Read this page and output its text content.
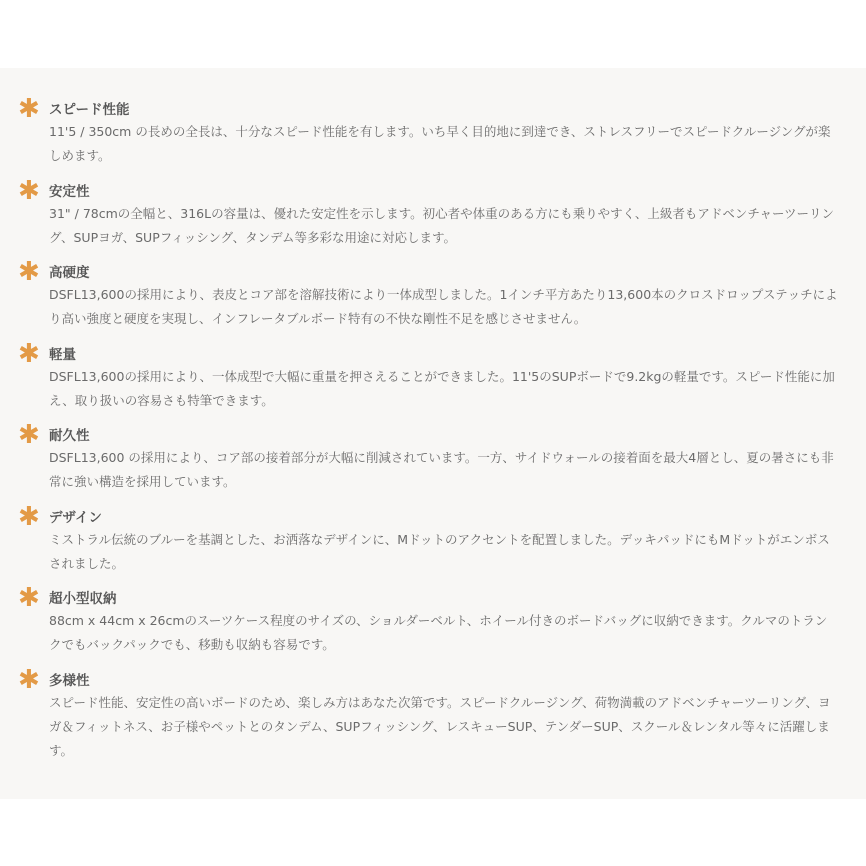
✱ スピード性能
11'5 / 350cm の長めの全長は、十分なスピード性能を有します。いち早く目的地に到達でき、ストレスフリーでスピードクルージングが楽しめます。
✱ 安定性
31" / 78cmの全幅と、316Lの容量は、優れた安定性を示します。初心者や体重のある方にも乗りやすく、上級者もアドベンチャーツーリング、SUPヨガ、SUPフィッシング、タンデム等多彩な用途に対応します。
✱ 高硬度
DSFL13,600の採用により、表皮とコア部を溶解技術により一体成型しました。1インチ平方あたり13,600本のクロスドロップステッチにより高い強度と硬度を実現し、インフレータブルボード特有の不快な剛性不足を感じさせません。
✱ 軽量
DSFL13,600の採用により、一体成型で大幅に重量を押さえることができました。11'5のSUPボードで9.2kgの軽量です。スピード性能に加え、取り扱いの容易さも特筆できます。
✱ 耐久性
DSFL13,600 の採用により、コア部の接着部分が大幅に削減されています。一方、サイドウォールの接着面を最大4層とし、夏の暑さにも非常に強い構造を採用しています。
✱ デザイン
ミストラル伝統のブルーを基調とした、お洒落なデザインに、Mドットのアクセントを配置しました。デッキパッドにもMドットがエンボスされました。
✱ 超小型収納
88cm x 44cm x 26cmのスーツケース程度のサイズの、ショルダーベルト、ホイール付きのボードバッグに収納できます。クルマのトランクでもバックパックでも、移動も収納も容易です。
✱ 多様性
スピード性能、安定性の高いボードのため、楽しみ方はあなた次第です。スピードクルージング、荷物満載のアドベンチャーツーリング、ヨガ＆フィットネス、お子様やペットとのタンデム、SUPフィッシング、レスキューSUP、テンダーSUP、スクール＆レンタル等々に活躍します。
